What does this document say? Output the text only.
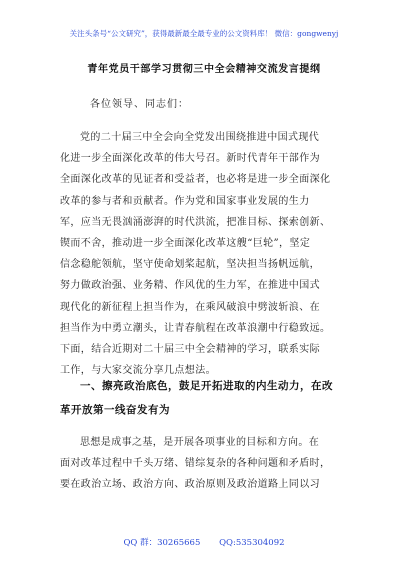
关注头条号“公文研究”，获得最新最全最专业的公文资料库！ 微信：gongwenyj
青年党员干部学习贯彻三中全会精神交流发言提纲
各位领导、同志们：
党的二十届三中全会向全党发出围绕推进中国式现代
化进一步全面深化改革的伟大号召。新时代青年干部作为
全面深化改革的见证者和受益者，也必将是进一步全面深化
改革的参与者和贡献者。作为党和国家事业发展的生力
军，应当无畏汹涌澎湃的时代洪流，把准目标、探索创新、
锲而不舍，推动进一步全面深化改革这艘“巨轮”，坚定
信念稳舵领航，坚守使命划桨起航，坚决担当扬帆远航，
努力做政治强、业务精、作风优的生力军，在推进中国式
现代化的新征程上担当作为，在乘风破浪中劈波斩浪、在
担当作为中勇立潮头，让青春航程在改革浪潮中行稳致远。
下面，结合近期对二十届三中全会精神的学习，联系实际
工作，与大家交流分享几点想法。
一、擦亮政治底色，鼓足开拓进取的内生动力，在改
革开放第一线奋发有为
思想是成事之基，是开展各项事业的目标和方向。在
面对改革过程中千头万绪、错综复杂的各种问题和矛盾时，
要在政治立场、政治方向、政治原则及政治道路上同以习
QQ 群：30265665 QQ:535304092
